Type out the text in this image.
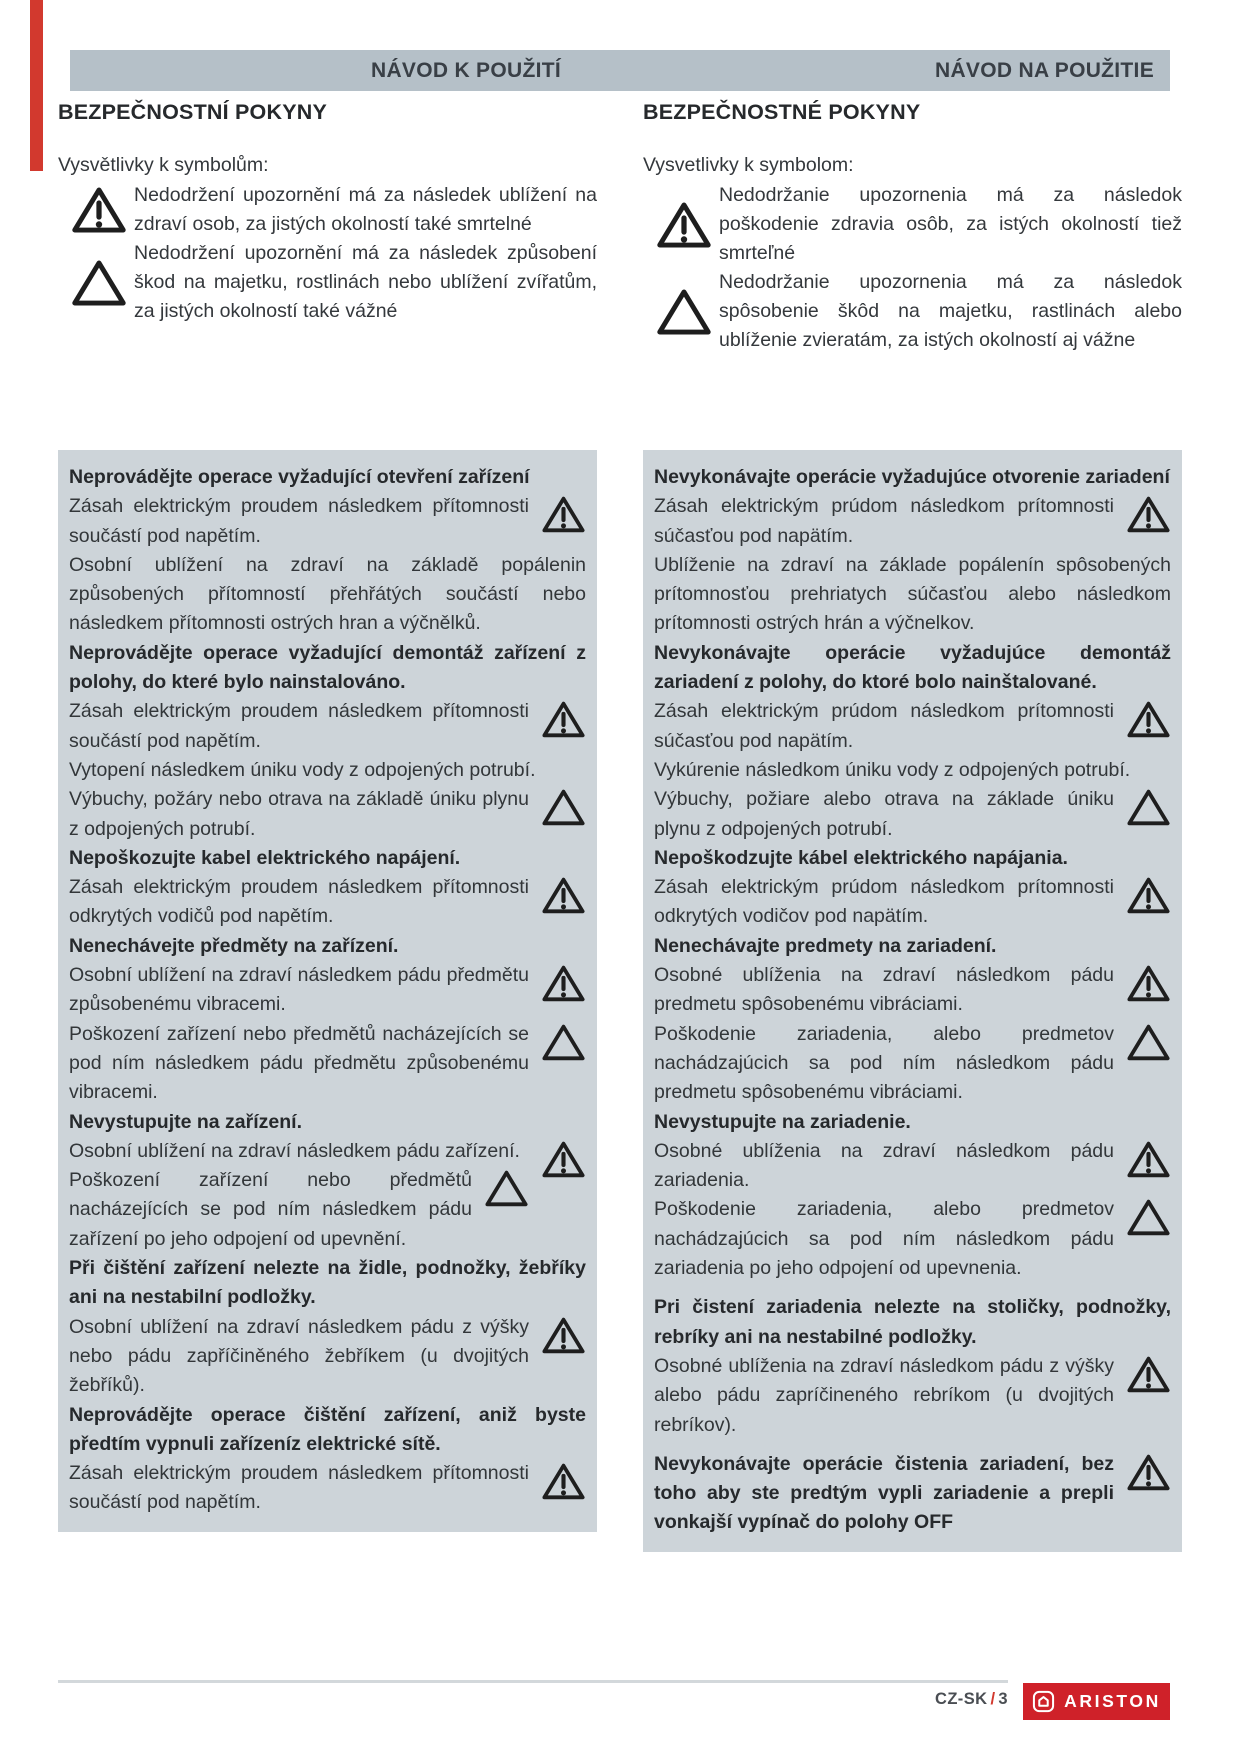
NÁVOD K POUŽITÍ	NÁVOD NA POUŽITIE
BEZPEČNOSTNÍ POKYNY

Vysvětlivky k symbolům:

Nedodržení upozornění má za následek ublížení na zdraví osob, za jistých okolností také smrtelné
Nedodržení upozornění má za následek způsobení škod na majetku, rostlinách nebo ublížení zvířatům, za jistých okolností také vážné

Neprovádějte operace vyžadující otevření zařízení

Zásah elektrickým proudem následkem přítomnosti součástí pod napětím.

Osobní ublížení na zdraví na základě popálenin způsobených přítomností přehřátých součástí nebo následkem přítomnosti ostrých hran a výčnělků.

Neprovádějte operace vyžadující demontáž zařízení z polohy, do které bylo nainstalováno.

Zásah elektrickým proudem následkem přítomnosti součástí pod napětím.

Vytopení následkem úniku vody z odpojených potrubí.

Výbuchy, požáry nebo otrava na základě úniku plynu z odpojených potrubí.

Nepoškozujte kabel elektrického napájení.

Zásah elektrickým proudem následkem přítomnosti odkrytých vodičů pod napětím.

Nenechávejte předměty na zařízení.

Osobní ublížení na zdraví následkem pádu předmětu způsobenému vibracemi.

Poškození zařízení nebo předmětů nacházejících se pod ním následkem pádu předmětu způsobenému vibracemi.

Nevystupujte na zařízení.

Osobní ublížení na zdraví následkem pádu zařízení.

Poškození zařízení nebo předmětů nacházejících se pod ním následkem pádu zařízení po jeho odpojení od upevnění.

Při čištění zařízení nelezte na židle, podnožky, žebříky ani na nestabilní podložky.

Osobní ublížení na zdraví následkem pádu z výšky nebo pádu zapříčiněného žebříkem (u dvojitých žebříků).

Neprovádějte operace čištění zařízení, aniž byste předtím vypnuli zařízeníz elektrické sítě.

Zásah elektrickým proudem následkem přítomnosti součástí pod napětím.

BEZPEČNOSTNÉ POKYNY

Vysvetlivky k symbolom:

Nedodržanie upozornenia má za následok poškodenie zdravia osôb, za istých okolností tiež smrteľné
Nedodržanie upozornenia má za následok spôsobenie škôd na majetku, rastlinách alebo ublíženie zvieratám, za istých okolností aj vážne

Nevykonávajte operácie vyžadujúce otvorenie zariadení

Zásah elektrickým prúdom následkom prítomnosti súčasťou pod napätím.

Ublíženie na zdraví na základe popálenín spôsobených prítomnosťou prehriatych súčasťou alebo následkom prítomnosti ostrých hrán a výčnelkov.

Nevykonávajte operácie vyžadujúce demontáž zariadení z polohy, do ktoré bolo nainštalované.

Zásah elektrickým prúdom následkom prítomnosti súčasťou pod napätím.

Vykúrenie následkom úniku vody z odpojených potrubí.

Výbuchy, požiare alebo otrava na základe úniku plynu z odpojených potrubí.

Nepoškodzujte kábel elektrického napájania.

Zásah elektrickým prúdom následkom prítomnosti odkrytých vodičov pod napätím.

Nenechávajte predmety na zariadení.

Osobné ublíženia na zdraví následkom pádu predmetu spôsobenému vibráciami.

Poškodenie zariadenia, alebo predmetov nachádzajúcich sa pod ním následkom pádu predmetu spôsobenému vibráciami.

Nevystupujte na zariadenie.

Osobné ublíženia na zdraví následkom pádu zariadenia.

Poškodenie zariadenia, alebo predmetov nachádzajúcich sa pod ním následkom pádu zariadenia po jeho odpojení od upevnenia.

Pri čistení zariadenia nelezte na stoličky, podnožky, rebríky ani na nestabilné podložky.

Osobné ublíženia na zdraví následkom pádu z výšky alebo pádu zapríčineného rebríkom (u dvojitých rebríkov).

Nevykonávajte operácie čistenia zariadení, bez toho aby ste predtým vypli zariadenie a prepli vonkajší vypínač do polohy OFF

CZ-SK / 3	ARISTON
